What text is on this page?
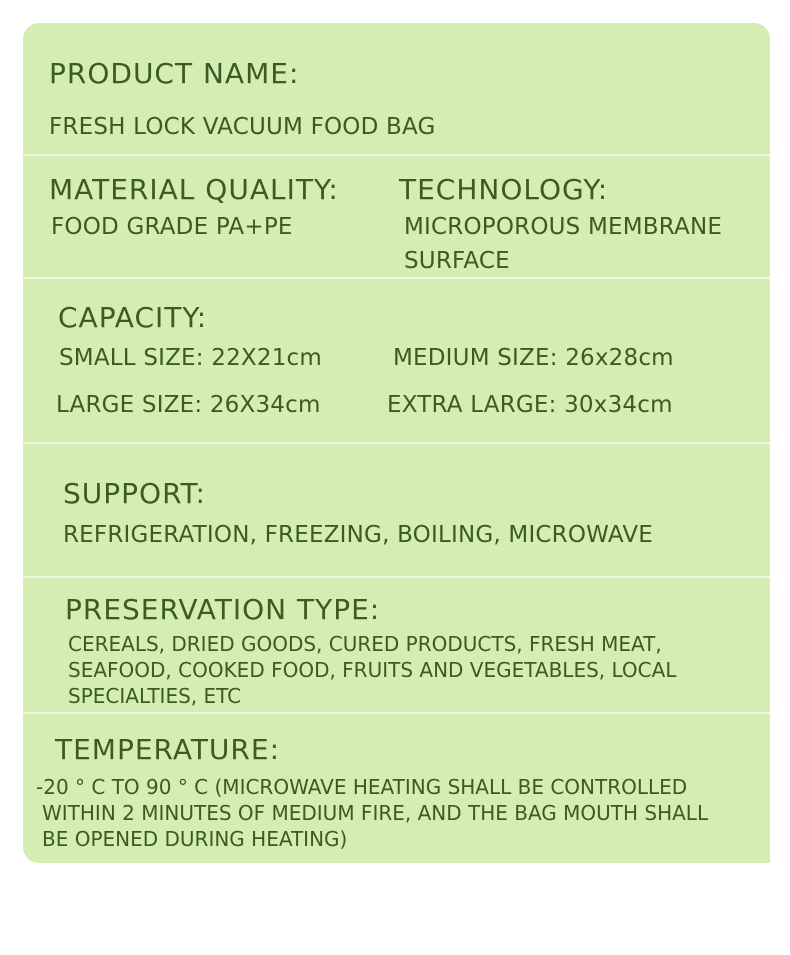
PRODUCT NAME:
FRESH LOCK VACUUM FOOD BAG
MATERIAL QUALITY: TECHNOLOGY:
FOOD GRADE PA+PE	MICROPOROUS MEMBRANE
SURFACE
CAPACITY:
SMALL SIZE: 22X21cm	MEDIUM SIZE: 26x28cm
LARGE SIZE: 26X34cm	EXTRA LARGE: 30x34cm
SUPPORT:
REFRIGERATION, FREEZING, BOILING, MICROWAVE
PRESERVATION TYPE:
CEREALS, DRIED GOODS, CURED PRODUCTS, FRESH MEAT,
SEAFOOD, COOKED FOOD, FRUITS AND VEGETABLES, LOCAL
SPECIALTIES, ETC
TEMPERATURE:
-20 ° C TO 90 ° C (MICROWAVE HEATING SHALL BE CONTROLLED
WITHIN 2 MINUTES OF MEDIUM FIRE, AND THE BAG MOUTH SHALL
BE OPENED DURING HEATING)
